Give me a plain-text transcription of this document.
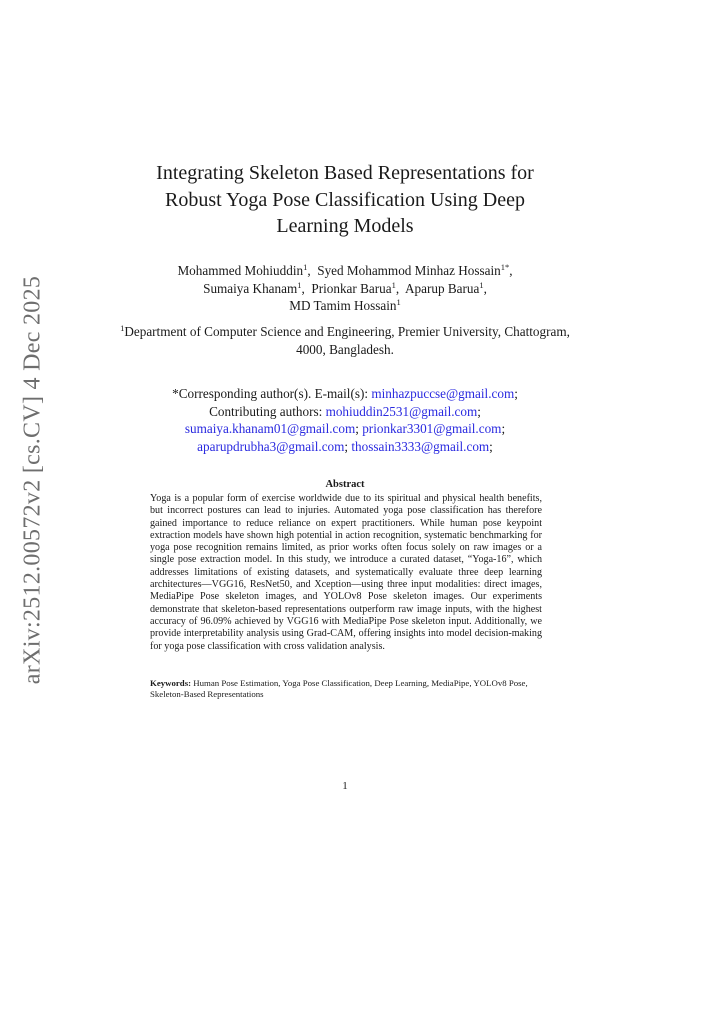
arXiv:2512.00572v2 [cs.CV] 4 Dec 2025
Integrating Skeleton Based Representations for Robust Yoga Pose Classification Using Deep Learning Models
Mohammed Mohiuddin$^1$,  Syed Mohammod Minhaz Hossain$^{1*}$,
Sumaiya Khanam$^1$,  Prionkar Barua$^1$,  Aparup Barua$^1$,
MD Tamim Hossain$^1$
$^1$Department of Computer Science and Engineering, Premier University, Chattogram, 4000, Bangladesh.
*Corresponding author(s). E-mail(s): minhazpuccse@gmail.com;
Contributing authors: mohiuddin2531@gmail.com;
sumaiya.khanam01@gmail.com; prionkar3301@gmail.com;
aparupdrubha3@gmail.com; thossain3333@gmail.com;
Abstract

Yoga is a popular form of exercise worldwide due to its spiritual and physical health benefits, but incorrect postures can lead to injuries. Automated yoga pose classification has therefore gained importance to reduce reliance on expert practitioners. While human pose keypoint extraction models have shown high potential in action recognition, systematic benchmarking for yoga pose recognition remains limited, as prior works often focus solely on raw images or a single pose extraction model. In this study, we introduce a curated dataset, “Yoga-16”, which addresses limitations of existing datasets, and systematically evaluate three deep learning architectures—VGG16, ResNet50, and Xception—using three input modalities: direct images, MediaPipe Pose skeleton images, and YOLOv8 Pose skeleton images. Our experiments demonstrate that skeleton-based representations outperform raw image inputs, with the highest accuracy of 96.09% achieved by VGG16 with MediaPipe Pose skeleton input. Additionally, we provide interpretability analysis using Grad-CAM, offering insights into model decision-making for yoga pose classification with cross validation analysis.

Keywords: Human Pose Estimation, Yoga Pose Classification, Deep Learning, MediaPipe, YOLOv8 Pose, Skeleton-Based Representations
1
